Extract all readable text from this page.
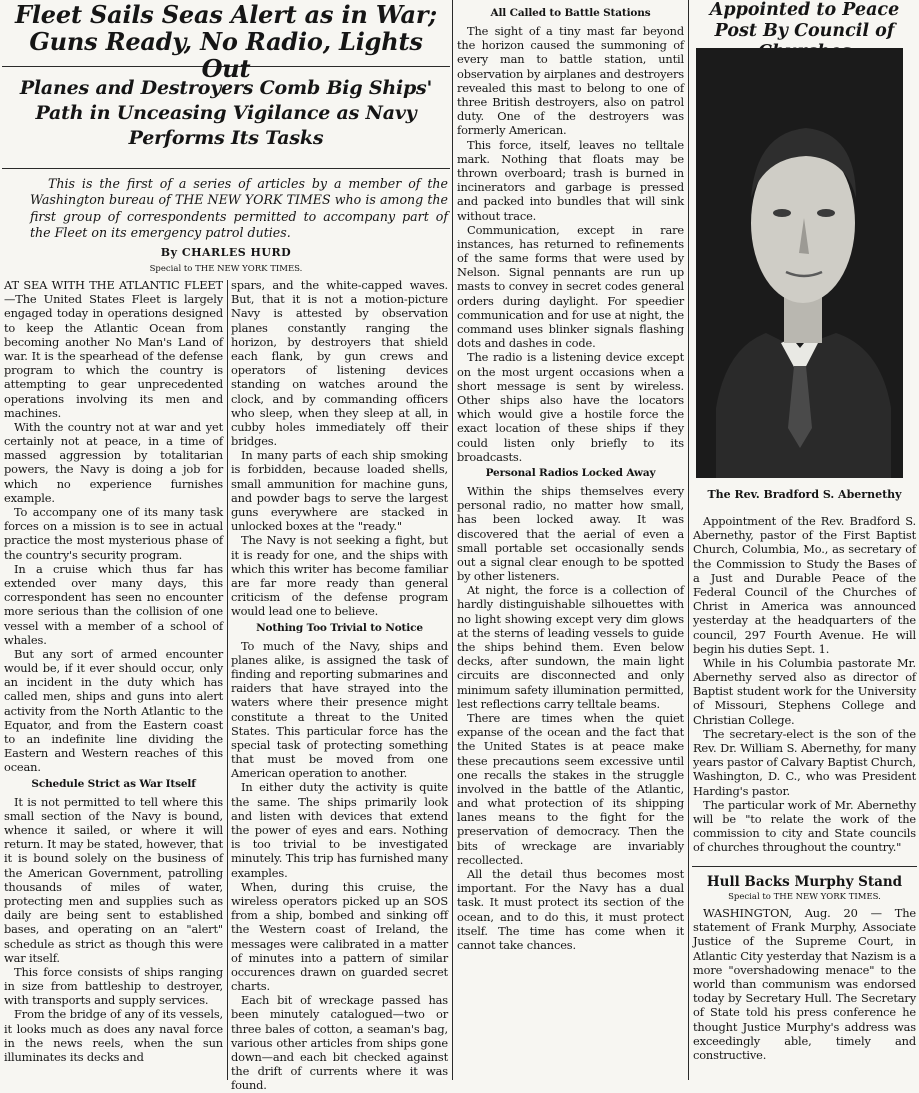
Fleet Sails Seas Alert as in War; Guns Ready, No Radio, Lights Out
Planes and Destroyers Comb Big Ships' Path in Unceasing Vigilance as Navy Performs Its Tasks

This is the first of a series of articles by a member of the Washington bureau of THE NEW YORK TIMES who is among the first group of correspondents permitted to accompany part of the Fleet on its emergency patrol duties.

By CHARLES HURD
Special to THE NEW YORK TIMES.

AT SEA WITH THE ATLANTIC FLEET—The United States Fleet is largely engaged today in operations designed to keep the Atlantic Ocean from becoming another No Man's Land of war. It is the spearhead of the defense program to which the country is attempting to gear unprecedented operations involving its men and machines.

With the country not at war and yet certainly not at peace, in a time of massed aggression by totalitarian powers, the Navy is doing a job for which no experience furnishes example.

To accompany one of its many task forces on a mission is to see in actual practice the most mysterious phase of the country's security program.

In a cruise which thus far has extended over many days, this correspondent has seen no encounter more serious than the collision of one vessel with a member of a school of whales.

But any sort of armed encounter would be, if it ever should occur, only an incident in the duty which has called men, ships and guns into alert activity from the North Atlantic to the Equator, and from the Eastern coast to an indefinite line dividing the Eastern and Western reaches of this ocean.

Schedule Strict as War Itself

It is not permitted to tell where this small section of the Navy is bound, whence it sailed, or where it will return. It may be stated, however, that it is bound solely on the business of the American Government, patrolling thousands of miles of water, protecting men and supplies such as daily are being sent to established bases, and operating on an "alert" schedule as strict as though this were war itself.

This force consists of ships ranging in size from battleship to destroyer, with transports and supply services.

From the bridge of any of its vessels, it looks much as does any naval force in the news reels, when the sun illuminates its decks and

spars, and the white-capped waves. But, that it is not a motion-picture Navy is attested by observation planes constantly ranging the horizon, by destroyers that shield each flank, by gun crews and operators of listening devices standing on watches around the clock, and by commanding officers who sleep, when they sleep at all, in cubby holes immediately off their bridges.

In many parts of each ship smoking is forbidden, because loaded shells, small ammunition for machine guns, and powder bags to serve the largest guns everywhere are stacked in unlocked boxes at the "ready."

The Navy is not seeking a fight, but it is ready for one, and the ships with which this writer has become familiar are far more ready than general criticism of the defense program would lead one to believe.

Nothing Too Trivial to Notice

To much of the Navy, ships and planes alike, is assigned the task of finding and reporting submarines and raiders that have strayed into the waters where their presence might constitute a threat to the United States. This particular force has the special task of protecting something that must be moved from one American operation to another.

In either duty the activity is quite the same. The ships primarily look and listen with devices that extend the power of eyes and ears. Nothing is too trivial to be investigated minutely. This trip has furnished many examples.

When, during this cruise, the wireless operators picked up an SOS from a ship, bombed and sinking off the Western coast of Ireland, the messages were calibrated in a matter of minutes into a pattern of similar occurences drawn on guarded secret charts.

Each bit of wreckage passed has been minutely catalogued—two or three bales of cotton, a seaman's bag, various other articles from ships gone down—and each bit checked against the drift of currents where it was found.

All Called to Battle Stations

The sight of a tiny mast far beyond the horizon caused the summoning of every man to battle station, until observation by airplanes and destroyers revealed this mast to belong to one of three British destroyers, also on patrol duty. One of the destroyers was formerly American.

This force, itself, leaves no telltale mark. Nothing that floats may be thrown overboard; trash is burned in incinerators and garbage is pressed and packed into bundles that will sink without trace.

Communication, except in rare instances, has returned to refinements of the same forms that were used by Nelson. Signal pennants are run up masts to convey in secret codes general orders during daylight. For speedier communication and for use at night, the command uses blinker signals flashing dots and dashes in code.

The radio is a listening device except on the most urgent occasions when a short message is sent by wireless. Other ships also have the locators which would give a hostile force the exact location of these ships if they could listen only briefly to its broadcasts.

Personal Radios Locked Away

Within the ships themselves every personal radio, no matter how small, has been locked away. It was discovered that the aerial of even a small portable set occasionally sends out a signal clear enough to be spotted by other listeners.

At night, the force is a collection of hardly distinguishable silhouettes with no light showing except very dim glows at the sterns of leading vessels to guide the ships behind them. Even below decks, after sundown, the main light circuits are disconnected and only minimum safety illumination permitted, lest reflections carry telltale beams.

There are times when the quiet expanse of the ocean and the fact that the United States is at peace make these precautions seem excessive until one recalls the stakes in the struggle involved in the battle of the Atlantic, and what protection of its shipping lanes means to the fight for the preservation of democracy. Then the bits of wreckage are invariably recollected.

All the detail thus becomes most important. For the Navy has a dual task. It must protect its section of the ocean, and to do this, it must protect itself. The time has come when it cannot take chances.

Appointed to Peace Post By Council of
The Rev. Bradford S. Abernethy

Appointment of the Rev. Bradford S. Abernethy, pastor of the First Baptist Church, Columbia, Mo., as secretary of the Commission to Study the Bases of a Just and Durable Peace of the Federal Council of the Churches of Christ in America was announced yesterday at the headquarters of the council, 297 Fourth Avenue. He will begin his duties Sept. 1.

While in his Columbia pastorate Mr. Abernethy served also as director of Baptist student work for the University of Missouri, Stephens College and Christian College.

The secretary-elect is the son of the Rev. Dr. William S. Abernethy, for many years pastor of Calvary Baptist Church, Washington, D. C., who was President Harding's pastor.

The particular work of Mr. Abernethy will be "to relate the work of the commission to city and State councils of churches throughout the country."

Hull Backs Murphy Stand
Special to THE NEW YORK TIMES.

WASHINGTON, Aug. 20 — The statement of Frank Murphy, Associate Justice of the Supreme Court, in Atlantic City yesterday that Nazism is a more "overshadowing menace" to the world than communism was endorsed today by Secretary Hull. The Secretary of State told his press conference he thought Justice Murphy's address was exceedingly able, timely and constructive.
